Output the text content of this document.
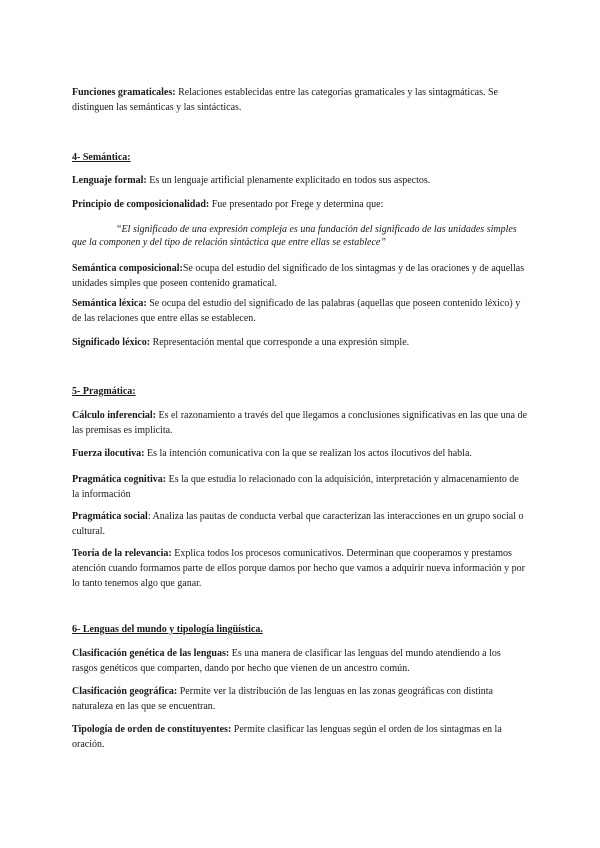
Funciones gramaticales: Relaciones establecidas entre las categorías gramaticales y las sintagmáticas. Se distinguen las semánticas y las sintácticas.

4- Semántica:

Lenguaje formal: Es un lenguaje artificial plenamente explicitado en todos sus aspectos.

Principio de composicionalidad: Fue presentado por Frege y determina que:

“El significado de una expresión compleja es una fundación del significado de las unidades simples que la componen y del tipo de relación sintáctica que entre ellas se establece”

Semántica composicional:Se ocupa del estudio del significado de los sintagmas y de las oraciones y de aquellas unidades simples que poseen contenido gramatical.

Semántica léxica: Se ocupa del estudio del significado de las palabras (aquellas que poseen contenido léxico) y de las relaciones que entre ellas se establecen.

Significado léxico: Representación mental que corresponde a una expresión simple.

5- Pragmática:

Cálculo inferencial: Es el razonamiento a través del que llegamos a conclusiones significativas en las que una de las premisas es implícita.

Fuerza ilocutiva: Es la intención comunicativa con la que se realizan los actos ilocutivos del habla.

Pragmática cognitiva: Es la que estudia lo relacionado con la adquisición, interpretación y almacenamiento de la información

Pragmática social: Analiza las pautas de conducta verbal que caracterizan las interacciones en un grupo social o cultural.

Teoría de la relevancia: Explica todos los procesos comunicativos. Determinan que cooperamos y prestamos atención cuando formamos parte de ellos porque damos por hecho que vamos a adquirir nueva información y por lo tanto tenemos algo que ganar.

6- Lenguas del mundo y tipología lingüística.

Clasificación genética de las lenguas: Es una manera de clasificar las lenguas del mundo atendiendo a los rasgos genéticos que comparten, dando por hecho que vienen de un ancestro común.

Clasificación geográfica: Permite ver la distribución de las lenguas en las zonas geográficas con distinta naturaleza en las que se encuentran.

Tipología de orden de constituyentes: Permite clasificar las lenguas según el orden de los sintagmas en la oración.
